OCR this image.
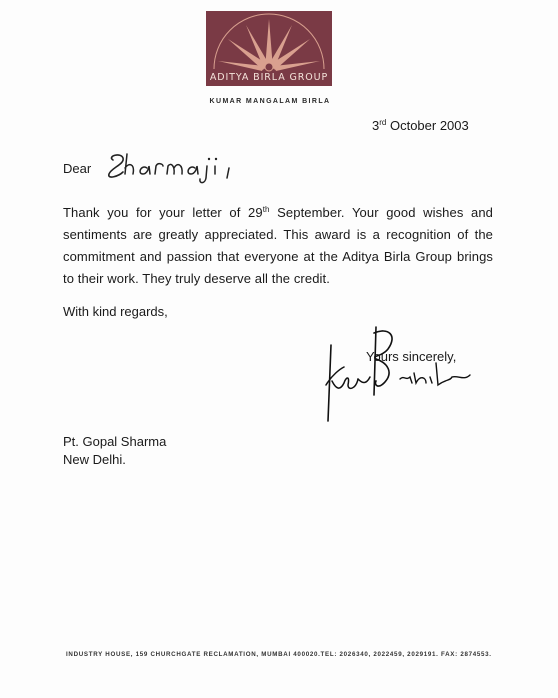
ADITYA BIRLA GROUP
KUMAR MANGALAM BIRLA
3rd October 2003
Dear
Thank you for your letter of 29th September. Your good wishes and sentiments are greatly appreciated. This award is a recognition of the commitment and passion that everyone at the Aditya Birla Group brings to their work. They truly deserve all the credit.
With kind regards,
Yours sincerely,
Pt. Gopal Sharma
New Delhi.
INDUSTRY HOUSE, 159 CHURCHGATE RECLAMATION, MUMBAI 400020.TEL: 2026340, 2022459, 2029191. FAX: 2874553.
